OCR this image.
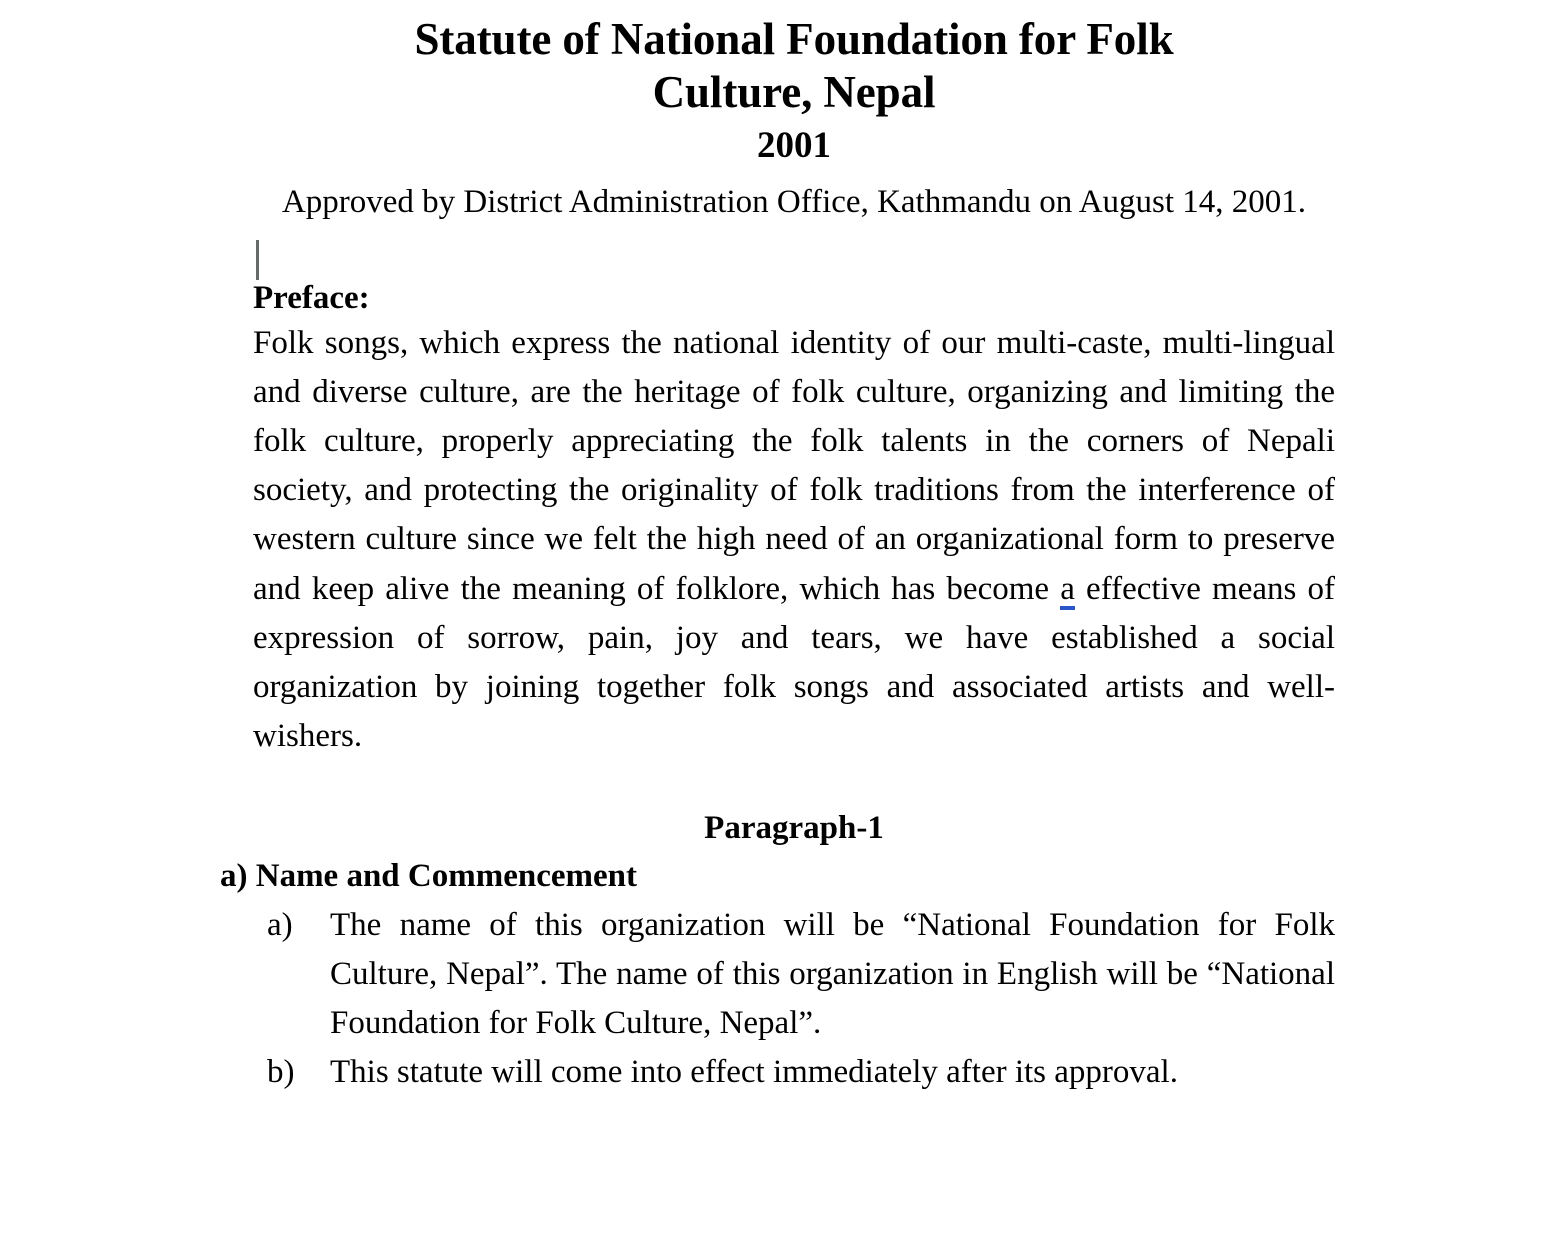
Statute of National Foundation for Folk
Culture, Nepal
2001
Approved by District Administration Office, Kathmandu on August 14, 2001.
Preface:

Folk songs, which express the national identity of our multi-caste, multi-lingual and diverse culture, are the heritage of folk culture, organizing and limiting the folk culture, properly appreciating the folk talents in the corners of Nepali society, and protecting the originality of folk traditions from the interference of western culture since we felt the high need of an organizational form to preserve and keep alive the meaning of folklore, which has become a effective means of expression of sorrow, pain, joy and tears, we have established a social organization by joining together folk songs and associated artists and well-wishers.

Paragraph-1
a) Name and Commencement
a)	The name of this organization will be “National Foundation for Folk Culture, Nepal”. The name of this organization in English will be “National Foundation for Folk Culture, Nepal”.
b)	This statute will come into effect immediately after its approval.
